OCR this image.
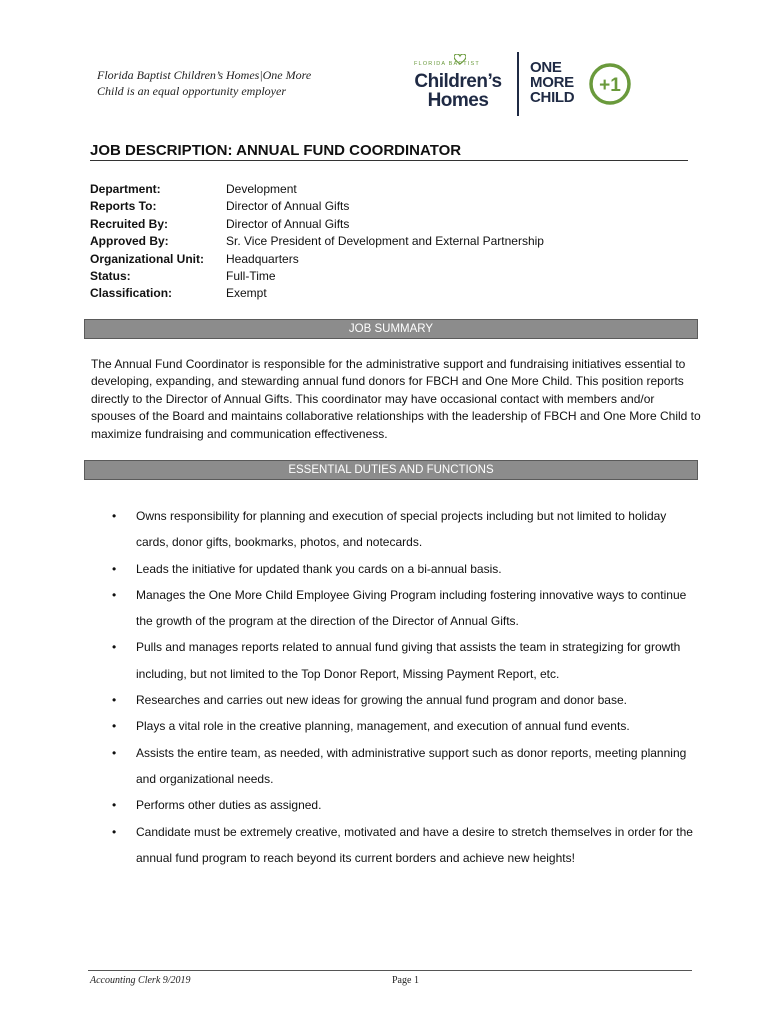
Florida Baptist Children’s Homes|One More Child is an equal opportunity employer
FLORIDA BAPTIST
Children’s
Homes
ONE
MORE
CHILD
+1
JOB DESCRIPTION: ANNUAL FUND COORDINATOR
Department:	Development
Reports To:	Director of Annual Gifts
Recruited By:	Director of Annual Gifts
Approved By:	Sr. Vice President of Development and External Partnership
Organizational Unit: Headquarters
Status:	Full-Time
Classification:	Exempt
JOB SUMMARY
The Annual Fund Coordinator is responsible for the administrative support and fundraising initiatives essential to developing, expanding, and stewarding annual fund donors for FBCH and One More Child. This position reports directly to the Director of Annual Gifts. This coordinator may have occasional contact with members and/or spouses of the Board and maintains collaborative relationships with the leadership of FBCH and One More Child to maximize fundraising and communication effectiveness.
ESSENTIAL DUTIES AND FUNCTIONS
• Owns responsibility for planning and execution of special projects including but not limited to holiday cards, donor gifts, bookmarks, photos, and notecards.
• Leads the initiative for updated thank you cards on a bi-annual basis.
• Manages the One More Child Employee Giving Program including fostering innovative ways to continue the growth of the program at the direction of the Director of Annual Gifts.
• Pulls and manages reports related to annual fund giving that assists the team in strategizing for growth including, but not limited to the Top Donor Report, Missing Payment Report, etc.
• Researches and carries out new ideas for growing the annual fund program and donor base.
• Plays a vital role in the creative planning, management, and execution of annual fund events.
• Assists the entire team, as needed, with administrative support such as donor reports, meeting planning and organizational needs.
• Performs other duties as assigned.
• Candidate must be extremely creative, motivated and have a desire to stretch themselves in order for the annual fund program to reach beyond its current borders and achieve new heights!
Accounting Clerk 9/2019	Page 1
